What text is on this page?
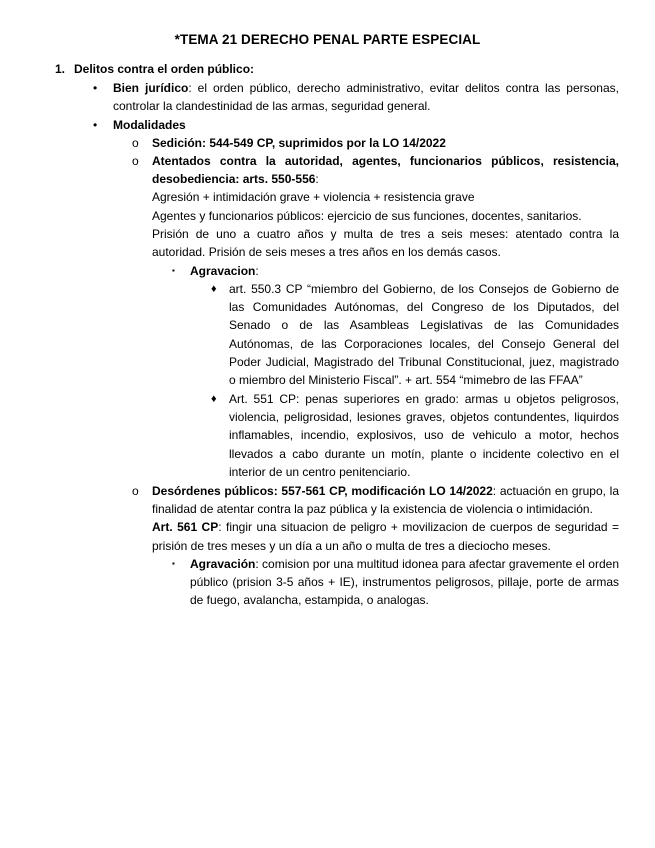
*TEMA 21 DERECHO PENAL PARTE ESPECIAL
1. Delitos contra el orden público:
• Bien jurídico: el orden público, derecho administrativo, evitar delitos contra las personas, controlar la clandestinidad de las armas, seguridad general.
• Modalidades
o Sedición: 544-549 CP, suprimidos por la LO 14/2022
o Atentados contra la autoridad, agentes, funcionarios públicos, resistencia, desobediencia: arts. 550-556:
Agresión + intimidación grave + violencia + resistencia grave
Agentes y funcionarios públicos: ejercicio de sus funciones, docentes, sanitarios.
Prisión de uno a cuatro años y multa de tres a seis meses: atentado contra la autoridad. Prisión de seis meses a tres años en los demás casos.
▪ Agravacion:
♦ art. 550.3 CP “miembro del Gobierno, de los Consejos de Gobierno de las Comunidades Autónomas, del Congreso de los Diputados, del Senado o de las Asambleas Legislativas de las Comunidades Autónomas, de las Corporaciones locales, del Consejo General del Poder Judicial, Magistrado del Tribunal Constitucional, juez, magistrado o miembro del Ministerio Fiscal”. + art. 554 “mimebro de las FFAA”
♦ Art. 551 CP: penas superiores en grado: armas u objetos peligrosos, violencia, peligrosidad, lesiones graves, objetos contundentes, liquirdos inflamables, incendio, explosivos, uso de vehiculo a motor, hechos llevados a cabo durante un motín, plante o incidente colectivo en el interior de un centro penitenciario.
o Desórdenes públicos: 557-561 CP, modificación LO 14/2022: actuación en grupo, la finalidad de atentar contra la paz pública y la existencia de violencia o intimidación.
Art. 561 CP: fingir una situacion de peligro + movilizacion de cuerpos de seguridad = prisión de tres meses y un día a un año o multa de tres a dieciocho meses.
▪ Agravación: comision por una multitud idonea para afectar gravemente el orden público (prision 3-5 años + IE), instrumentos peligrosos, pillaje, porte de armas de fuego, avalancha, estampida, o analogas.
